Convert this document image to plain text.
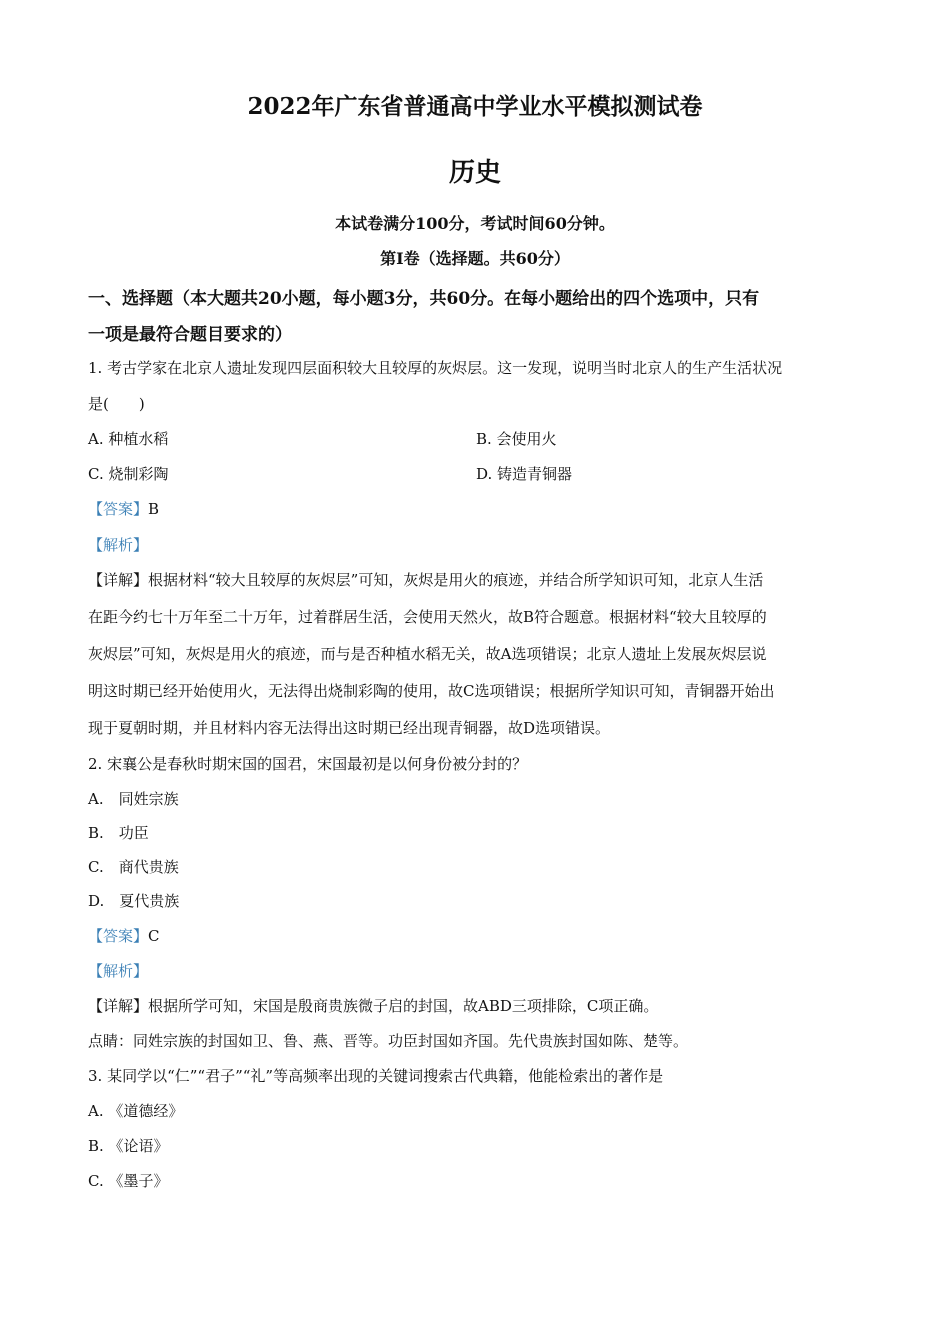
2022年广东省普通高中学业水平模拟测试卷
历史
本试卷满分100分，考试时间60分钟。
第Ⅰ卷（选择题。共60分）
一、选择题（本大题共20小题，每小题3分，共60分。在每小题给出的四个选项中，只有
一项是最符合题目要求的）
1. 考古学家在北京人遗址发现四层面积较大且较厚的灰烬层。这一发现，说明当时北京人的生产生活状况
是(　　)
A. 种植水稻	B. 会使用火
C. 烧制彩陶	D. 铸造青铜器
【答案】B
【解析】
【详解】根据材料“较大且较厚的灰烬层”可知，灰烬是用火的痕迹，并结合所学知识可知，北京人生活
在距今约七十万年至二十万年，过着群居生活，会使用天然火，故B符合题意。根据材料“较大且较厚的
灰烬层”可知，灰烬是用火的痕迹，而与是否种植水稻无关，故A选项错误；北京人遗址上发展灰烬层说
明这时期已经开始使用火，无法得出烧制彩陶的使用，故C选项错误；根据所学知识可知，青铜器开始出
现于夏朝时期，并且材料内容无法得出这时期已经出现青铜器，故D选项错误。
2. 宋襄公是春秋时期宋国的国君，宋国最初是以何身份被分封的？
A.　同姓宗族
B.　功臣
C.　商代贵族
D.　夏代贵族
【答案】C
【解析】
【详解】根据所学可知，宋国是殷商贵族微子启的封国，故ABD三项排除，C项正确。
点睛：同姓宗族的封国如卫、鲁、燕、晋等。功臣封国如齐国。先代贵族封国如陈、楚等。
3. 某同学以“仁”“君子”“礼”等高频率出现的关键词搜索古代典籍，他能检索出的著作是
A. 《道德经》
B. 《论语》
C. 《墨子》
